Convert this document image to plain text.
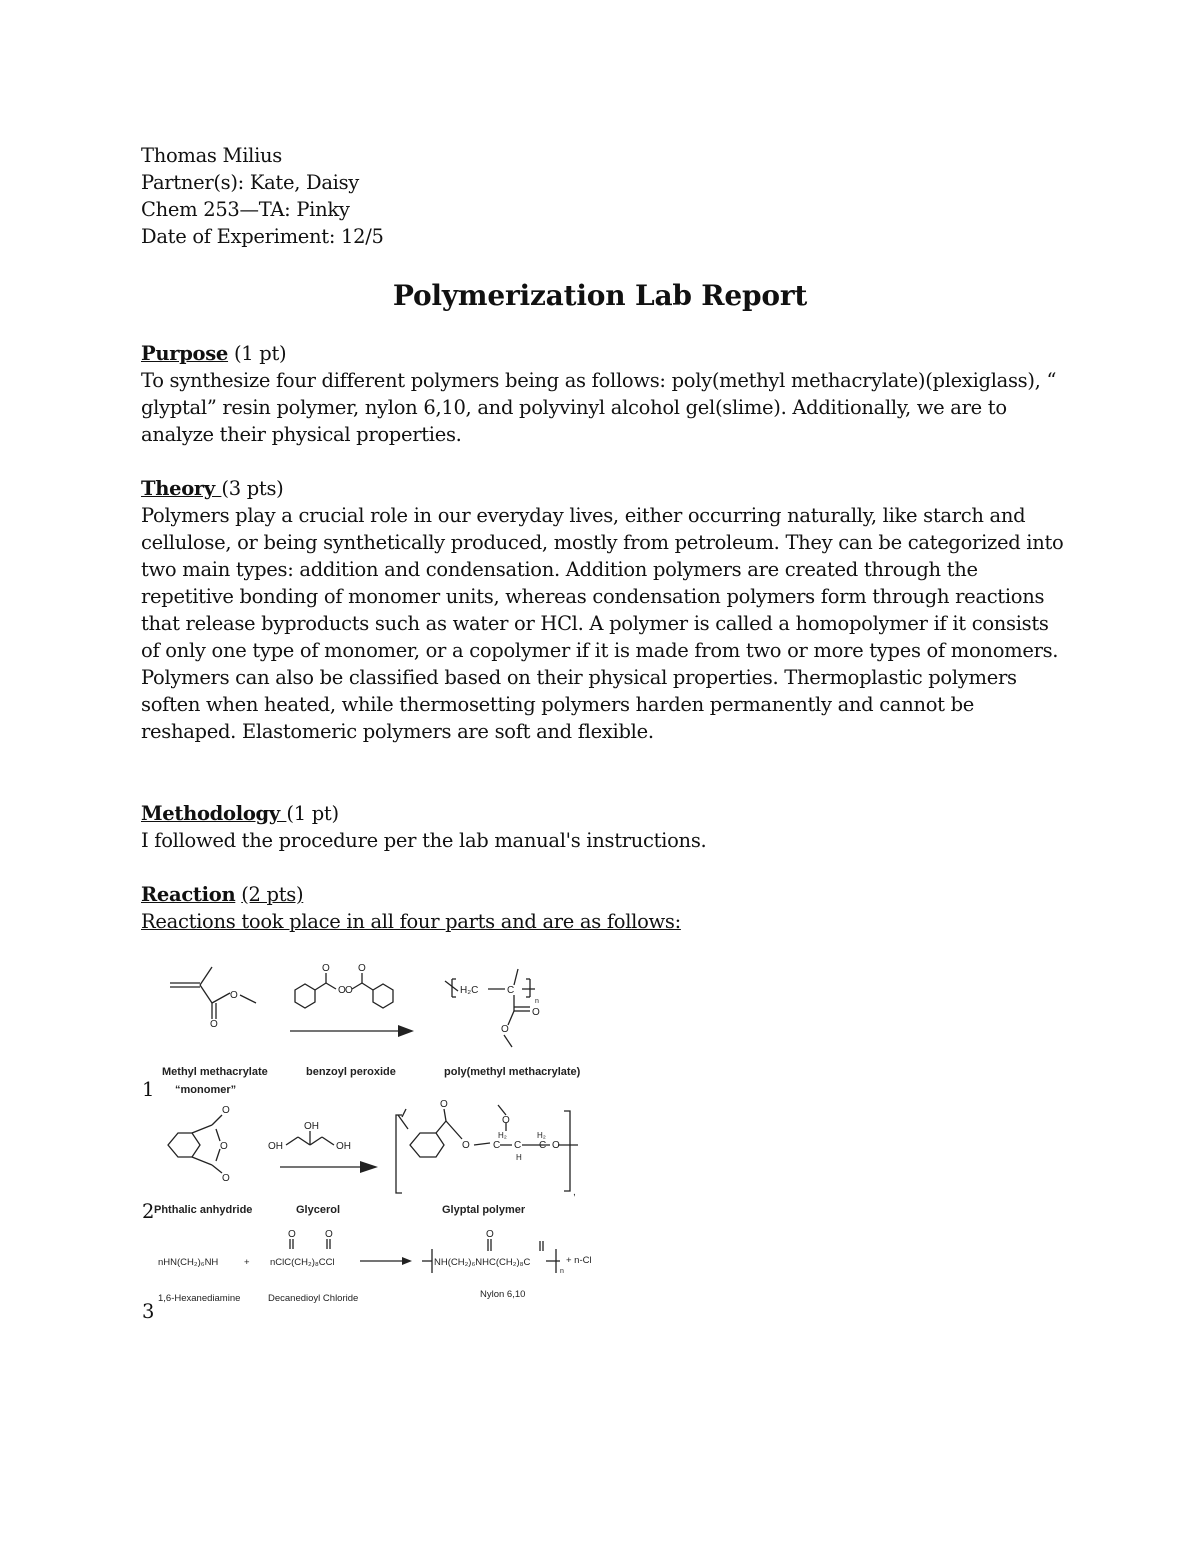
Thomas Milius

Partner(s): Kate, Daisy

Chem 253—TA: Pinky

Date of Experiment: 12/5

Polymerization Lab Report

Purpose (1 pt)

To synthesize four different polymers being as follows: poly(methyl methacrylate)(plexiglass), “ glyptal” resin polymer, nylon 6,10, and polyvinyl alcohol gel(slime). Additionally, we are to analyze their physical properties.

Theory (3 pts)

Polymers play a crucial role in our everyday lives, either occurring naturally, like starch and cellulose, or being synthetically produced, mostly from petroleum. They can be categorized into two main types: addition and condensation. Addition polymers are created through the repetitive bonding of monomer units, whereas condensation polymers form through reactions that release byproducts such as water or HCl. A polymer is called a homopolymer if it consists of only one type of monomer, or a copolymer if it is made from two or more types of monomers. Polymers can also be classified based on their physical properties. Thermoplastic polymers soften when heated, while thermosetting polymers harden permanently and cannot be reshaped. Elastomeric polymers are soft and flexible.

Methodology (1 pt)

I followed the procedure per the lab manual's instructions.

Reaction (2 pts)

Reactions took place in all four parts and are as follows:

1
2
3
O
O
O
O O
O
H₂C	C
n
O
O
O
O
O	OH
OH
OH
O
O C
H₂
O
C
H
H₂
C O
,
O	O	O
nHN(CH₂)₆NH	+ nClC(CH₂)₈CCl	NH(CH₂)₆NHC(CH₂)₈C
n
+ n-Cl
Methyl methacrylate
“monomer”
benzoyl peroxide	poly(methyl methacrylate)
Phthalic anhydride	Glycerol	Glyptal polymer
1,6-Hexanediamine	Decanedioyl Chloride	Nylon 6,10
